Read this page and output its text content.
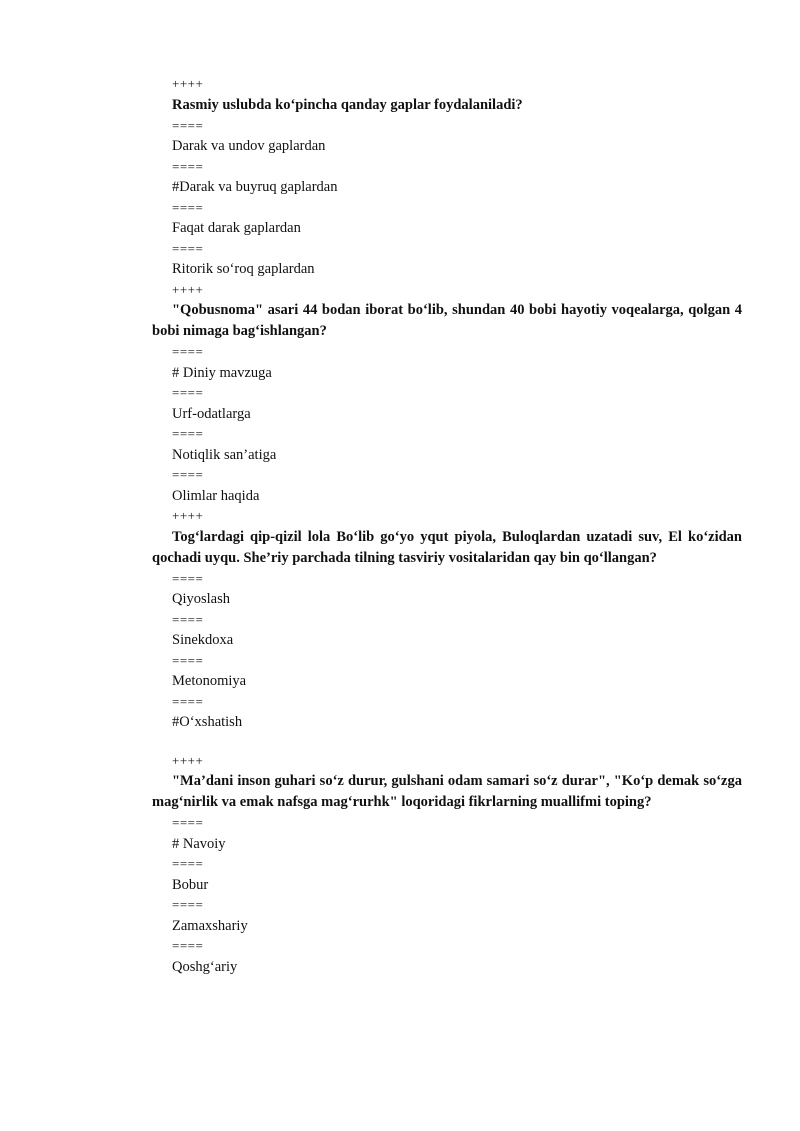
++++

Rasmiy uslubda ko‘pincha qanday gaplar foydalaniladi?

====

Darak va undov gaplardan

====

#Darak va buyruq gaplardan

====

Faqat darak gaplardan

====

Ritorik so‘roq gaplardan

++++

"Qobusnoma" asari 44 bodan iborat bo‘lib, shundan 40 bobi hayotiy voqealarga, qolgan 4 bobi nimaga bag‘ishlangan?

====

# Diniy mavzuga

====

Urf-odatlarga

====

Notiqlik san’atiga

====

Olimlar haqida

++++

Tog‘lardagi qip-qizil lola Bo‘lib go‘yo yqut piyola, Buloqlardan uzatadi suv, El ko‘zidan qochadi uyqu. She’riy parchada tilning tasviriy vositalaridan qay bin qo‘llangan?

====

Qiyoslash

====

Sinekdoxa

====

Metonomiya

====

#O‘xshatish

++++

"Ma’dani inson guhari so‘z durur, gulshani odam samari so‘z durar", "Ko‘p demak so‘zga mag‘nirlik va emak nafsga mag‘rurhk" loqoridagi fikrlarning muallifmi toping?

====

# Navoiy

====

Bobur

====

Zamaxshariy

====

Qoshg‘ariy
